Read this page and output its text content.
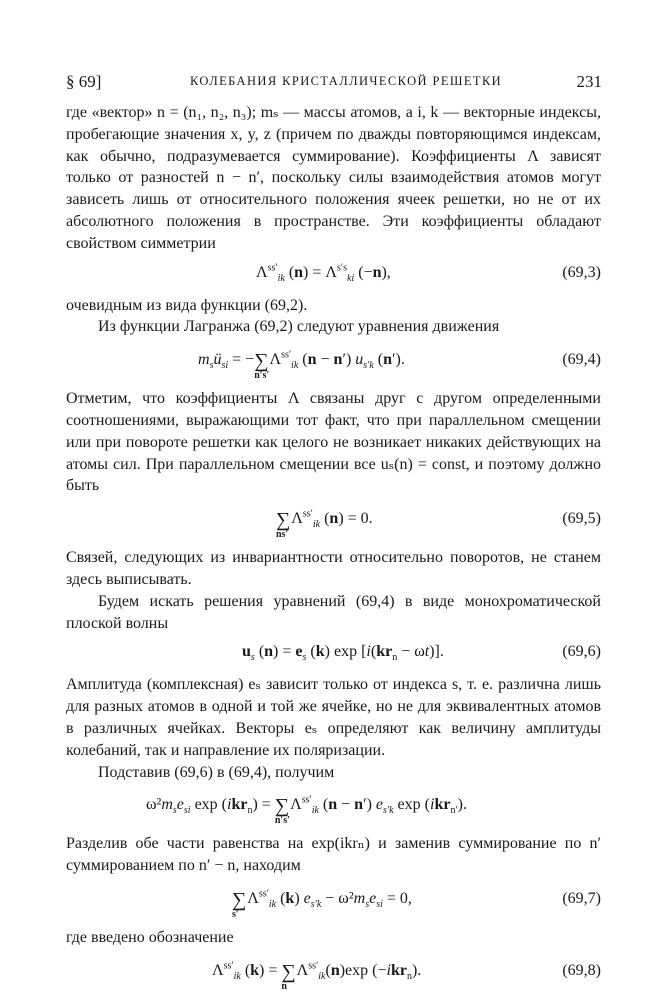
§ 69]	КОЛЕБАНИЯ КРИСТАЛЛИЧЕСКОЙ РЕШЕТКИ	231

где «вектор» n = (n₁, n₂, n₃); mₛ — массы атомов, а i, k — векторные индексы, пробегающие значения x, y, z (причем по дважды повторяющимся индексам, как обычно, подразумевается суммирование). Коэффициенты Λ зависят только от разностей n − n′, поскольку силы взаимодействия атомов могут зависеть лишь от относительного положения ячеек решетки, но не от их абсолютного положения в пространстве. Эти коэффициенты обладают свойством симметрии

$\Lambda^{ss'}_{ik}$ $(n) = \Lambda^{s's}_{ki}$ (−n),	(69,3)

очевидным из вида функции (69,2).

Из функции Лагранжа (69,2) следуют уравнения движения

$m_sü_{si}$ = −∑
n′s′
$\Lambda^{ss'}_{ik}$ (n − n′) $u_{s'k}$ (n′).	(69,4)

Отметим, что коэффициенты Λ связаны друг с другом определенными соотношениями, выражающими тот факт, что при параллельном смещении или при повороте решетки как целого не возникает никаких действующих на атомы сил. При параллельном смещении все uₛ(n) = const, и поэтому должно быть

∑
ns′
$\Lambda^{ss'}_{ik}$ (n) = 0.	(69,5)

Связей, следующих из инвариантности относительно поворотов, не станем здесь выписывать.

Будем искать решения уравнений (69,4) в виде монохроматической плоской волны

$u_s$ $(n) = e_s$ (k) $\exp [i(kr_n - \omega t)]$.	(69,6)

Амплитуда (комплексная) eₛ зависит только от индекса s, т. е. различна лишь для разных атомов в одной и той же ячейке, но не для эквивалентных атомов в различных ячейках. Векторы eₛ определяют как величину амплитуды колебаний, так и направление их поляризации.

Подставив (69,6) в (69,4), получим

$\omega^2m_se_{si}$ exp (ikr$_n$) = ∑
n′s′
$\Lambda^{ss'}_{ik}$ (n − n′) $e_{s'k}$ exp (ikr$_{n'}$).

Разделив обе части равенства на exp(ikrₙ) и заменив суммирование по n′ суммированием по n′ − n, находим

∑
s′
$\Lambda^{ss'}_{ik}$ (k) $e_{s'k} - \omega^2m_se_{si} = 0$,	(69,7)

где введено обозначение

$\Lambda^{ss'}_{ik}$ (k) = ∑
n
$\Lambda^{ss'}_{ik}(n)\exp$ (−ikr$_n$).	(69,8)
